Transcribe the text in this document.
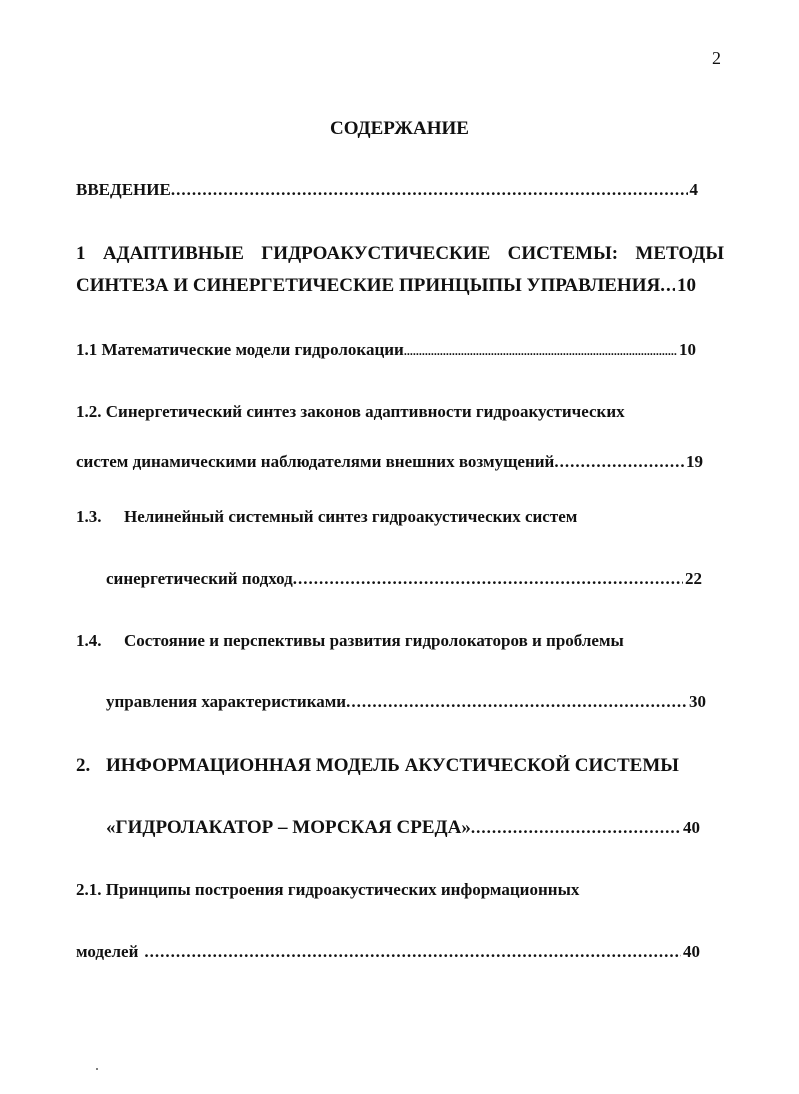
2
СОДЕРЖАНИЕ
ВВЕДЕНИЕ .....	4
1 АДАПТИВНЫЕ ГИДРОАКУСТИЧЕСКИЕ СИСТЕМЫ: МЕТОДЫ
СИНТЕЗА И СИНЕРГЕТИЧЕСКИЕ ПРИНЦЫПЫ УПРАВЛЕНИЯ ..... 10
1.1 Математические модели гидролокации .....	10
1.2. Синергетический синтез законов адаптивности гидроакустических
систем динамическими наблюдателями внешних возмущений .....	19
1.3. Нелинейный системный синтез гидроакустических систем
синергетический подход .....	22
1.4. Состояние и перспективы развития гидролокаторов и проблемы
управления характеристиками .....	30
2. ИНФОРМАЦИОННАЯ МОДЕЛЬ АКУСТИЧЕСКОЙ СИСТЕМЫ
«ГИДРОЛАКАТОР – МОРСКАЯ СРЕДА» .....	40
2.1. Принципы построения гидроакустических информационных
моделей .....	40
